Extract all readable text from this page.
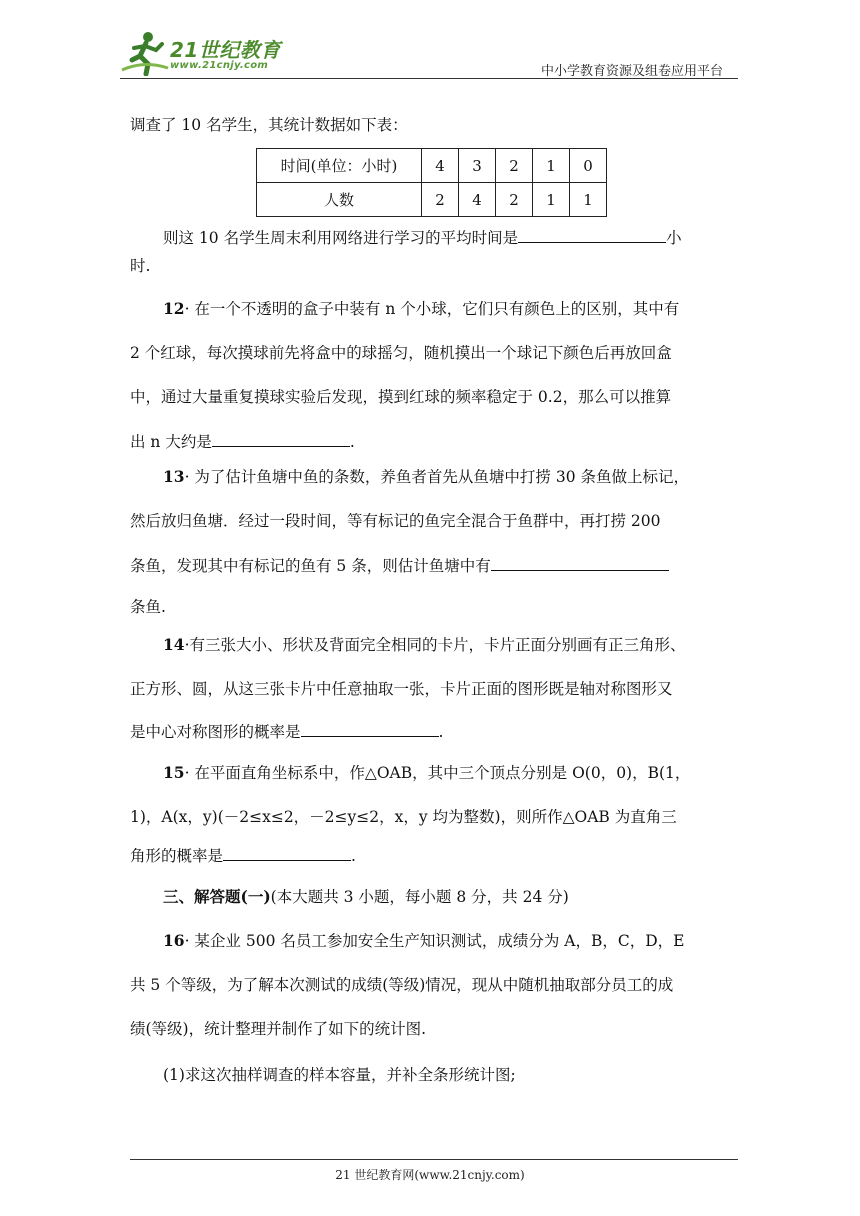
21世纪教育
www.21cnjy.com	中小学教育资源及组卷应用平台
调查了 10 名学生，其统计数据如下表：
时间(单位：小时)	4	3	2	1	0
人数	2	4	2	1	1
则这 10 名学生周末利用网络进行学习的平均时间是	小
时.
12· 在一个不透明的盒子中装有 n 个小球，它们只有颜色上的区别，其中有
2 个红球，每次摸球前先将盒中的球摇匀，随机摸出一个球记下颜色后再放回盒
中，通过大量重复摸球实验后发现，摸到红球的频率稳定于 0.2，那么可以推算
出 n 大约是	.
13· 为了估计鱼塘中鱼的条数，养鱼者首先从鱼塘中打捞 30 条鱼做上标记，
然后放归鱼塘．经过一段时间，等有标记的鱼完全混合于鱼群中，再打捞 200
条鱼，发现其中有标记的鱼有 5 条，则估计鱼塘中有
条鱼.
14·有三张大小、形状及背面完全相同的卡片，卡片正面分别画有正三角形、
正方形、圆，从这三张卡片中任意抽取一张，卡片正面的图形既是轴对称图形又
是中心对称图形的概率是	.
15· 在平面直角坐标系中，作△OAB，其中三个顶点分别是 O(0，0)，B(1，
1)，A(x，y)(－2≤x≤2，－2≤y≤2，x，y 均为整数)，则所作△OAB 为直角三
角形的概率是	.
三、解答题(一)(本大题共 3 小题，每小题 8 分，共 24 分)
16· 某企业 500 名员工参加安全生产知识测试，成绩分为 A，B，C，D，E
共 5 个等级，为了解本次测试的成绩(等级)情况，现从中随机抽取部分员工的成
绩(等级)，统计整理并制作了如下的统计图.
(1)求这次抽样调查的样本容量，并补全条形统计图;
21 世纪教育网(www.21cnjy.com)
